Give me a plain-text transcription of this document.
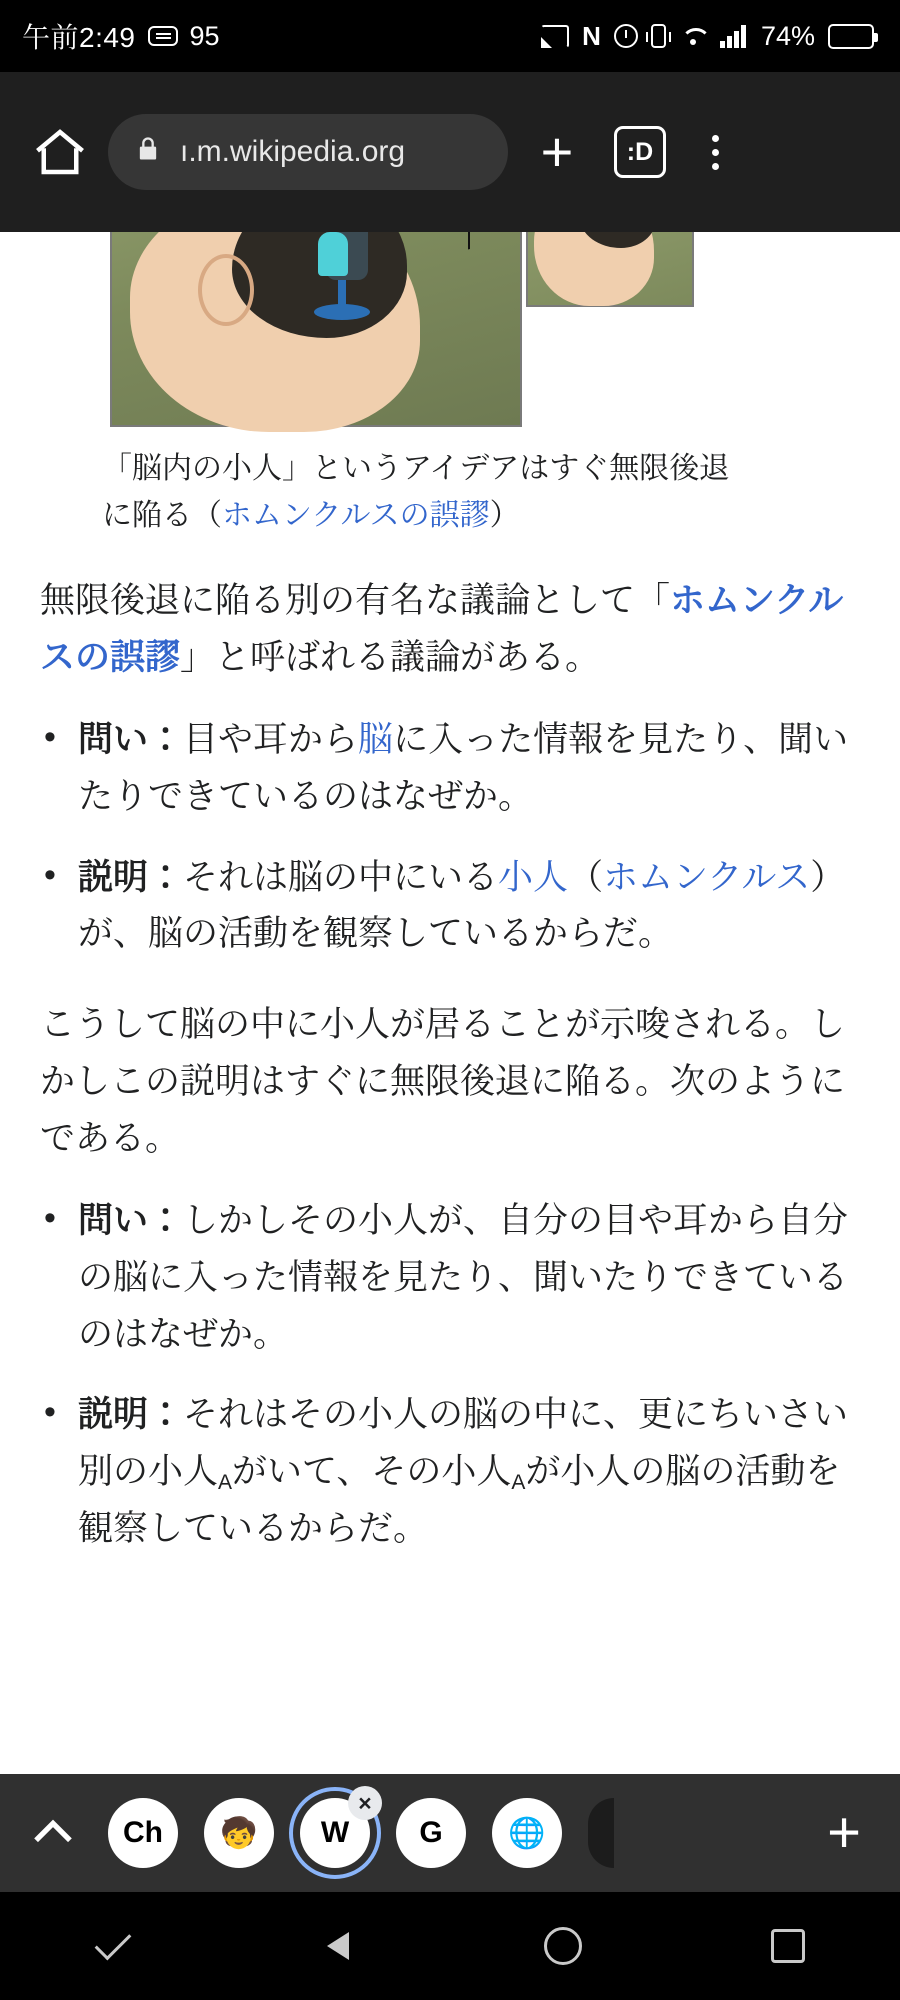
午前2:49 95	N	74%
ı.m.wikipedia.org +	:D
「脳内の小人」というアイデアはすぐ無限後退に陥る（ホムンクルスの誤謬）

無限後退に陥る別の有名な議論として「ホムンクルスの誤謬」と呼ばれる議論がある。

• 問い：目や耳から脳に入った情報を見たり、聞いたりできているのはなぜか。
• 説明：それは脳の中にいる小人（ホムンクルス）が、脳の活動を観察しているからだ。

こうして脳の中に小人が居ることが示唆される。しかしこの説明はすぐに無限後退に陥る。次のようにである。

• 問い：しかしその小人が、自分の目や耳から自分の脳に入った情報を見たり、聞いたりできているのはなぜか。
• 説明：それはその小人の脳の中に、更にちいさい別の小人$_A$がいて、その小人$_A$が小人の脳の活動を観察しているからだ。
Ch 🧒 W
×
G 🌐	+
